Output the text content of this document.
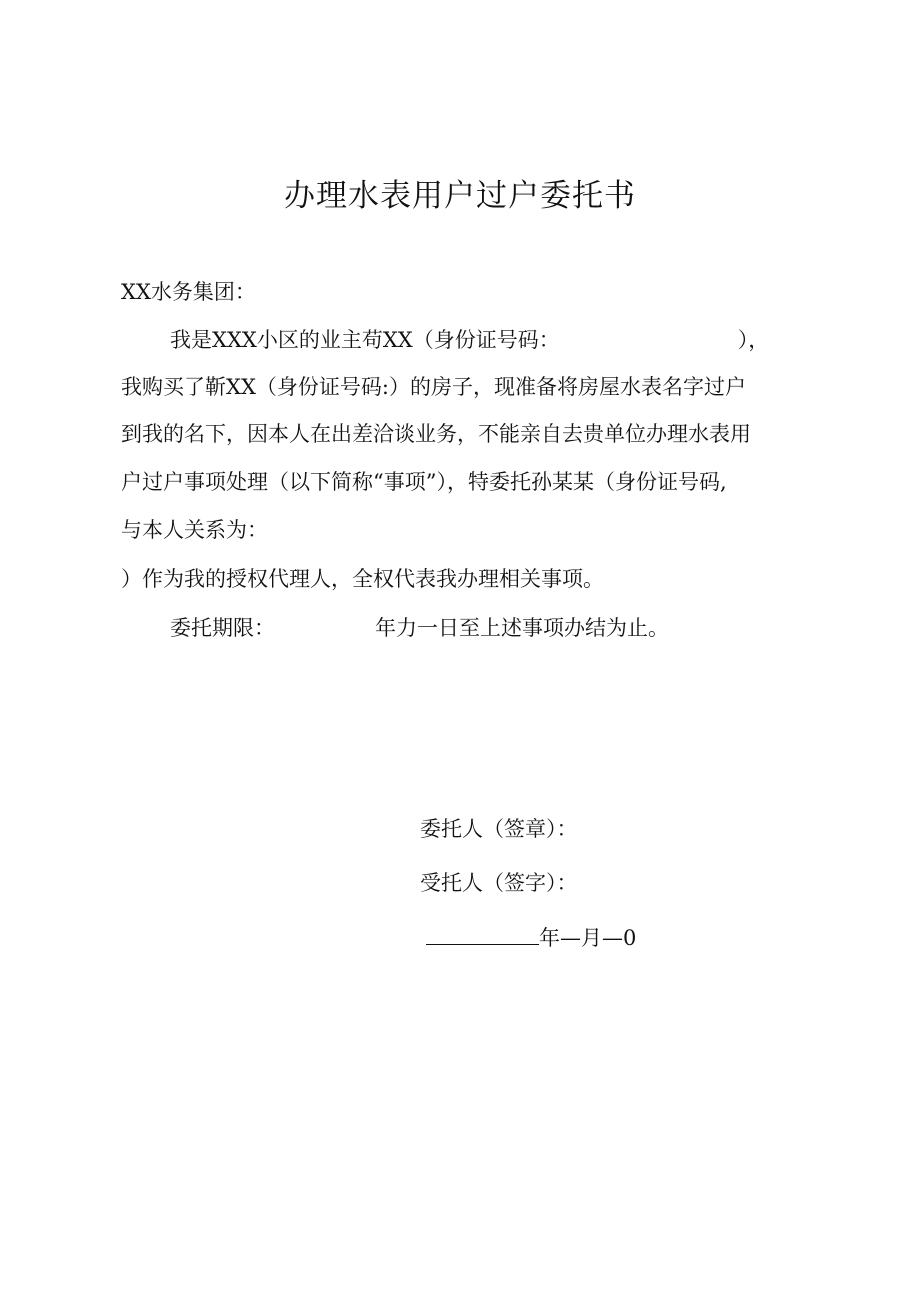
办理水表用户过户委托书
XX水务集团：
我是XXX小区的业主苟XX（身份证号码：	），
我购买了靳XX（身份证号码:）的房子，现准备将房屋水表名字过户
到我的名下，因本人在出差洽谈业务，不能亲自去贵单位办理水表用
户过户事项处理（以下简称“事项”），特委托孙某某（身份证号码,
与本人关系为：
）作为我的授权代理人，全权代表我办理相关事项。
委托期限：	年力一日至上述事项办结为止。
委托人（签章）：
受托人（签字）：
年—月—0
